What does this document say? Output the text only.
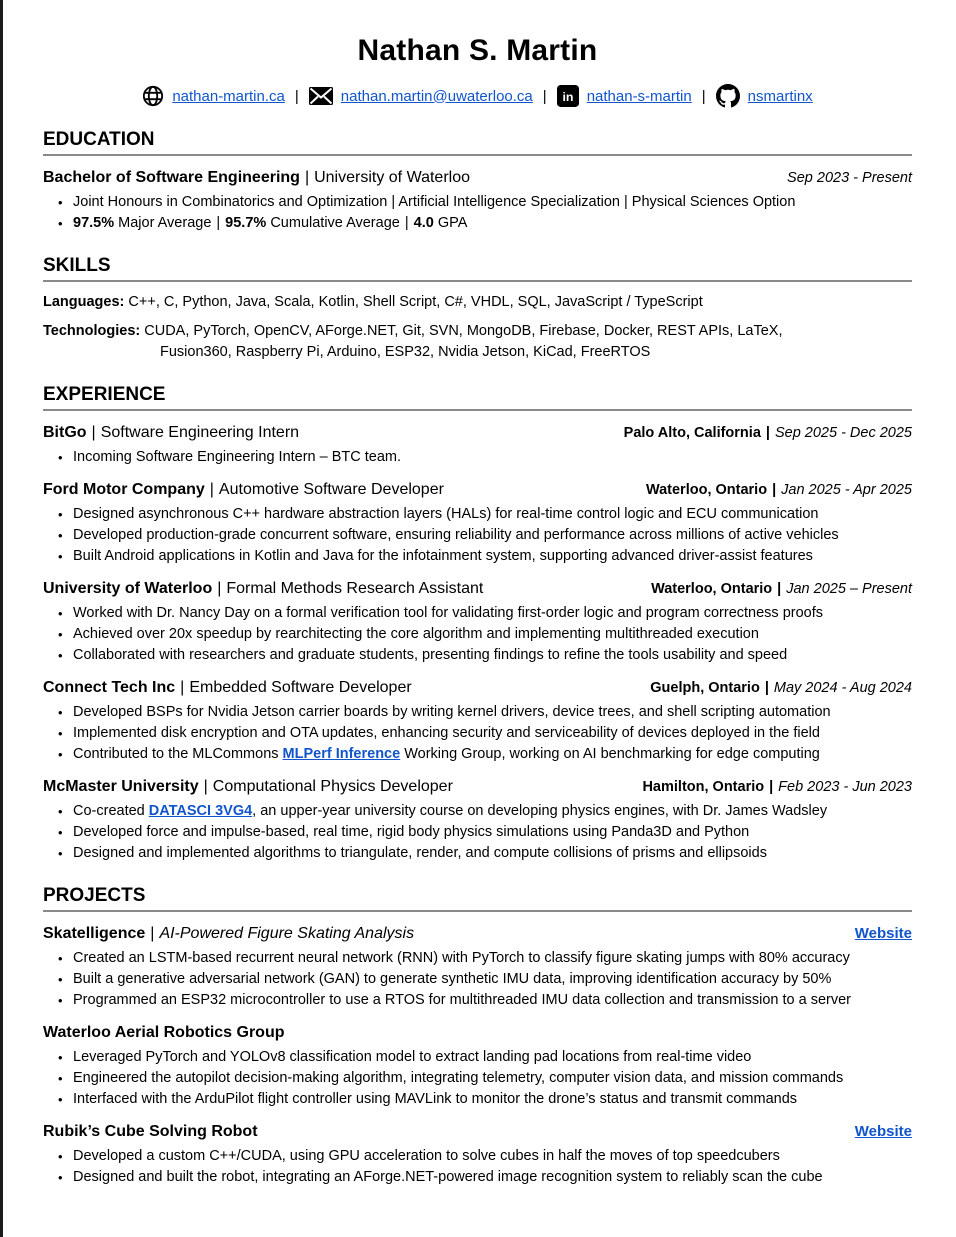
Nathan S. Martin
nathan-martin.ca |	nathan.martin@uwaterloo.ca | in nathan-s-martin |	nsmartinx
EDUCATION
Bachelor of Software Engineering | University of Waterloo	Sep 2023 - Present
• Joint Honours in Combinatorics and Optimization | Artificial Intelligence Specialization | Physical Sciences Option
• 97.5% Major Average | 95.7% Cumulative Average | 4.0 GPA
SKILLS

Languages: C++, C, Python, Java, Scala, Kotlin, Shell Script, C#, VHDL, SQL, JavaScript / TypeScript

Technologies: CUDA, PyTorch, OpenCV, AForge.NET, Git, SVN, MongoDB, Firebase, Docker, REST APIs, LaTeX,
Fusion360, Raspberry Pi, Arduino, ESP32, Nvidia Jetson, KiCad, FreeRTOS

EXPERIENCE
BitGo | Software Engineering Intern	Palo Alto, California | Sep 2025 - Dec 2025
• Incoming Software Engineering Intern – BTC team.
Ford Motor Company | Automotive Software Developer	Waterloo, Ontario | Jan 2025 - Apr 2025
• Designed asynchronous C++ hardware abstraction layers (HALs) for real-time control logic and ECU communication
• Developed production-grade concurrent software, ensuring reliability and performance across millions of active vehicles
• Built Android applications in Kotlin and Java for the infotainment system, supporting advanced driver-assist features
University of Waterloo | Formal Methods Research Assistant	Waterloo, Ontario | Jan 2025 – Present
• Worked with Dr. Nancy Day on a formal verification tool for validating first-order logic and program correctness proofs
• Achieved over 20x speedup by rearchitecting the core algorithm and implementing multithreaded execution
• Collaborated with researchers and graduate students, presenting findings to refine the tools usability and speed
Connect Tech Inc | Embedded Software Developer	Guelph, Ontario | May 2024 - Aug 2024
• Developed BSPs for Nvidia Jetson carrier boards by writing kernel drivers, device trees, and shell scripting automation
• Implemented disk encryption and OTA updates, enhancing security and serviceability of devices deployed in the field
• Contributed to the MLCommons MLPerf Inference Working Group, working on AI benchmarking for edge computing
McMaster University | Computational Physics Developer	Hamilton, Ontario | Feb 2023 - Jun 2023
• Co-created DATASCI 3VG4, an upper-year university course on developing physics engines, with Dr. James Wadsley
• Developed force and impulse-based, real time, rigid body physics simulations using Panda3D and Python
• Designed and implemented algorithms to triangulate, render, and compute collisions of prisms and ellipsoids
PROJECTS
Skatelligence | AI-Powered Figure Skating Analysis	Website
• Created an LSTM-based recurrent neural network (RNN) with PyTorch to classify figure skating jumps with 80% accuracy
• Built a generative adversarial network (GAN) to generate synthetic IMU data, improving identification accuracy by 50%
• Programmed an ESP32 microcontroller to use a RTOS for multithreaded IMU data collection and transmission to a server
Waterloo Aerial Robotics Group
• Leveraged PyTorch and YOLOv8 classification model to extract landing pad locations from real-time video
• Engineered the autopilot decision-making algorithm, integrating telemetry, computer vision data, and mission commands
• Interfaced with the ArduPilot flight controller using MAVLink to monitor the drone’s status and transmit commands
Rubik’s Cube Solving Robot	Website
• Developed a custom C++/CUDA, using GPU acceleration to solve cubes in half the moves of top speedcubers
• Designed and built the robot, integrating an AForge.NET-powered image recognition system to reliably scan the cube
